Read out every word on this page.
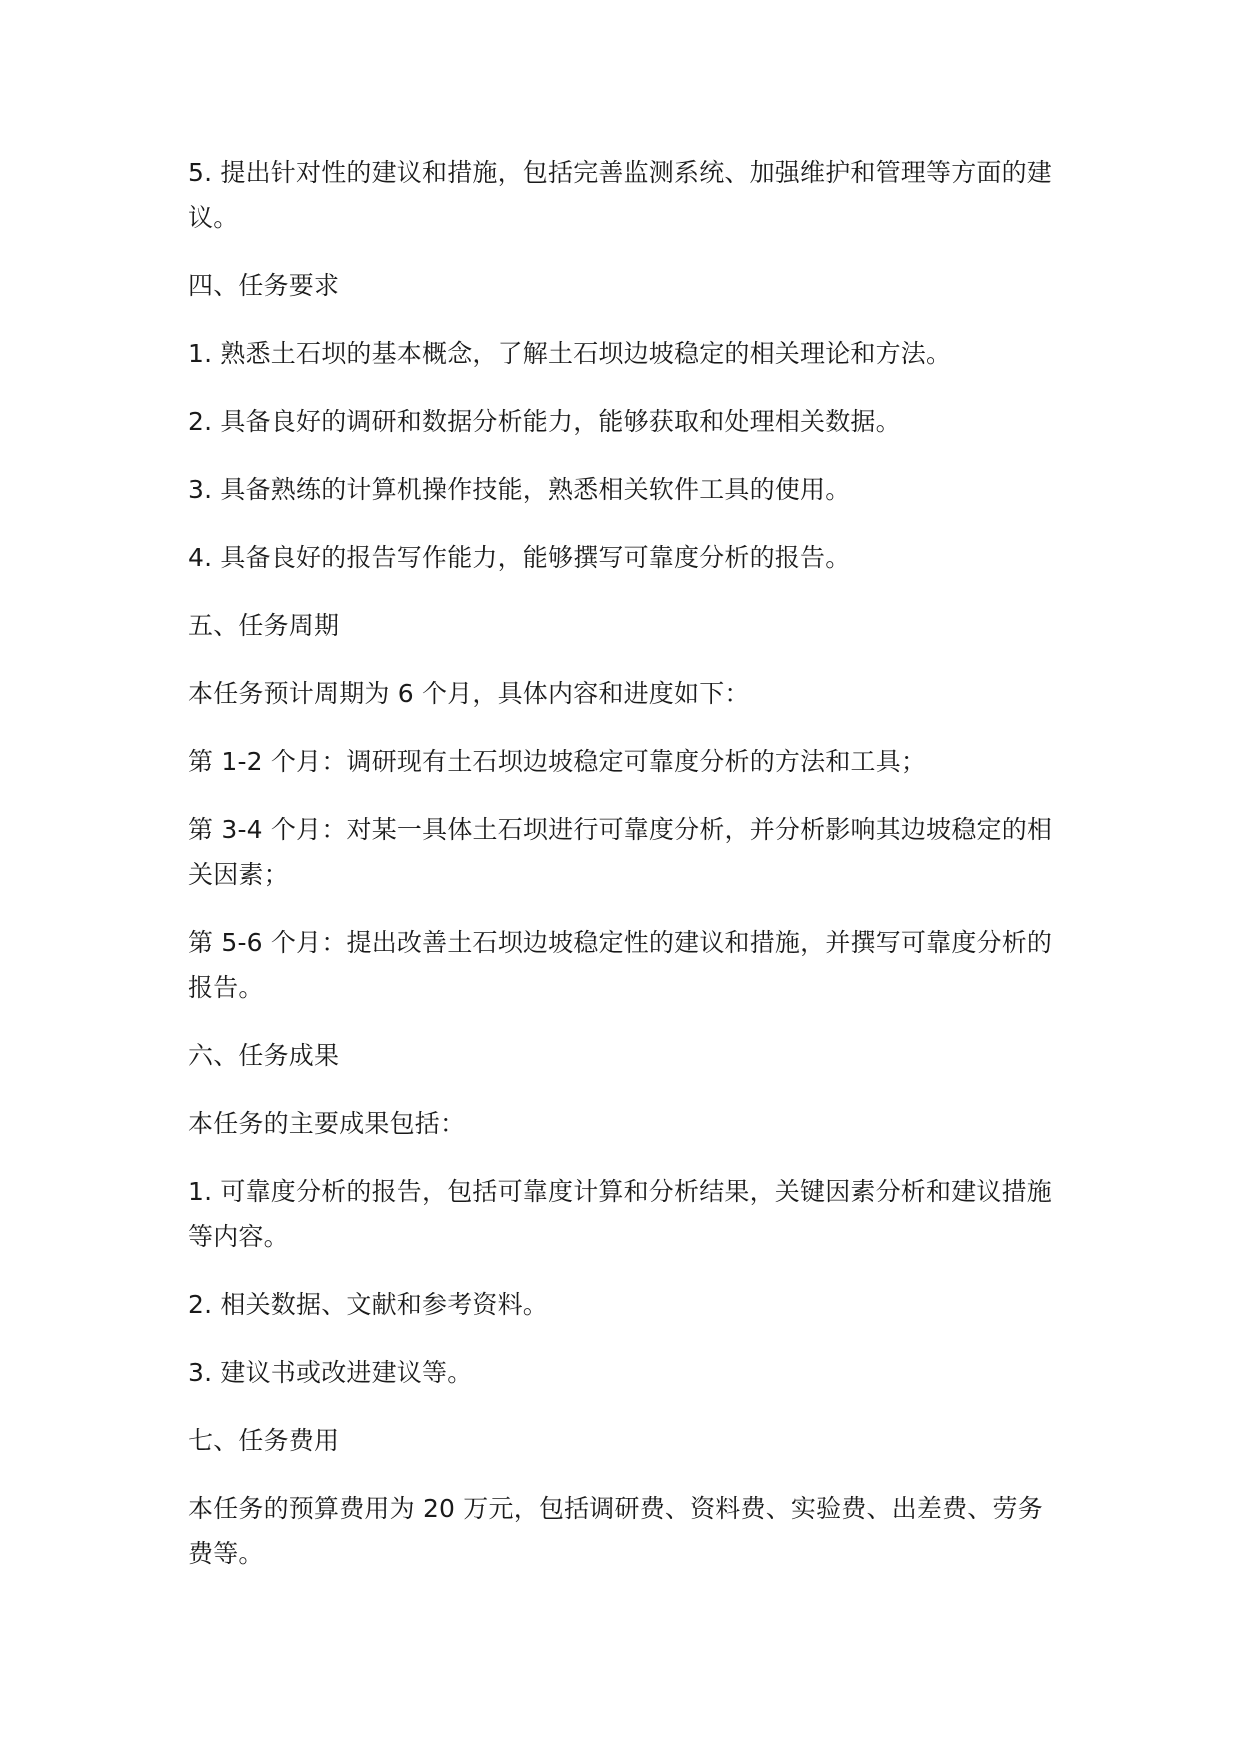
5. 提出针对性的建议和措施，包括完善监测系统、加强维护和管理等方面的建议。

四、任务要求

1. 熟悉土石坝的基本概念，了解土石坝边坡稳定的相关理论和方法。

2. 具备良好的调研和数据分析能力，能够获取和处理相关数据。

3. 具备熟练的计算机操作技能，熟悉相关软件工具的使用。

4. 具备良好的报告写作能力，能够撰写可靠度分析的报告。

五、任务周期

本任务预计周期为 6 个月，具体内容和进度如下：

第 1-2 个月：调研现有土石坝边坡稳定可靠度分析的方法和工具；

第 3-4 个月：对某一具体土石坝进行可靠度分析，并分析影响其边坡稳定的相关因素；

第 5-6 个月：提出改善土石坝边坡稳定性的建议和措施，并撰写可靠度分析的报告。

六、任务成果

本任务的主要成果包括：

1. 可靠度分析的报告，包括可靠度计算和分析结果，关键因素分析和建议措施等内容。

2. 相关数据、文献和参考资料。

3. 建议书或改进建议等。

七、任务费用

本任务的预算费用为 20 万元，包括调研费、资料费、实验费、出差费、劳务费等。
